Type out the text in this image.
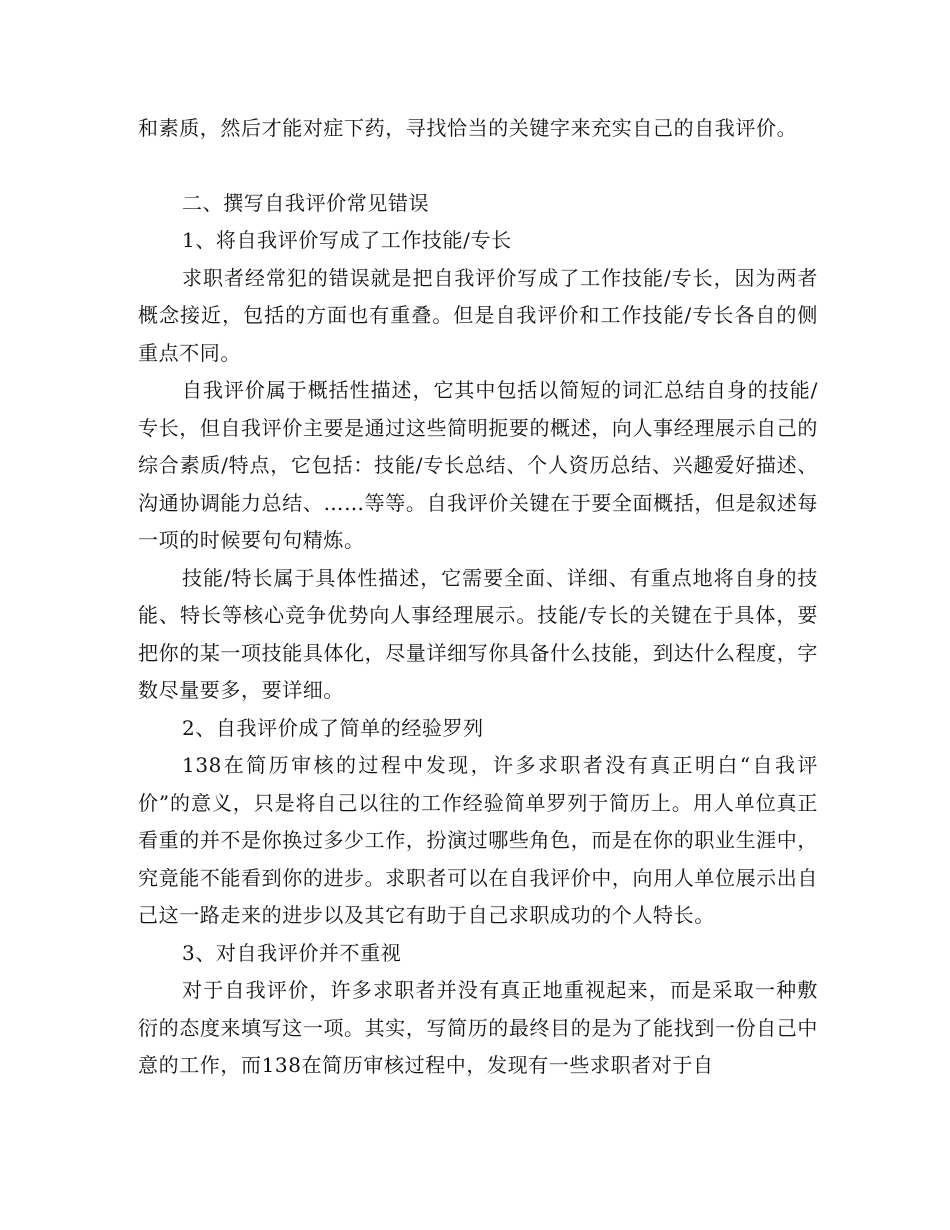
和素质，然后才能对症下药，寻找恰当的关键字来充实自己的自我评价。

二、撰写自我评价常见错误

1、将自我评价写成了工作技能/专长

求职者经常犯的错误就是把自我评价写成了工作技能/专长，因为两者概念接近，包括的方面也有重叠。但是自我评价和工作技能/专长各自的侧重点不同。

自我评价属于概括性描述，它其中包括以简短的词汇总结自身的技能/专长，但自我评价主要是通过这些简明扼要的概述，向人事经理展示自己的综合素质/特点，它包括：技能/专长总结、个人资历总结、兴趣爱好描述、沟通协调能力总结、……等等。自我评价关键在于要全面概括，但是叙述每一项的时候要句句精炼。

技能/特长属于具体性描述，它需要全面、详细、有重点地将自身的技能、特长等核心竞争优势向人事经理展示。技能/专长的关键在于具体，要把你的某一项技能具体化，尽量详细写你具备什么技能，到达什么程度，字数尽量要多，要详细。

2、自我评价成了简单的经验罗列

138在简历审核的过程中发现，许多求职者没有真正明白“自我评价”的意义，只是将自己以往的工作经验简单罗列于简历上。用人单位真正看重的并不是你换过多少工作，扮演过哪些角色，而是在你的职业生涯中，究竟能不能看到你的进步。求职者可以在自我评价中，向用人单位展示出自己这一路走来的进步以及其它有助于自己求职成功的个人特长。

3、对自我评价并不重视

对于自我评价，许多求职者并没有真正地重视起来，而是采取一种敷衍的态度来填写这一项。其实，写简历的最终目的是为了能找到一份自己中意的工作，而138在简历审核过程中，发现有一些求职者对于自
